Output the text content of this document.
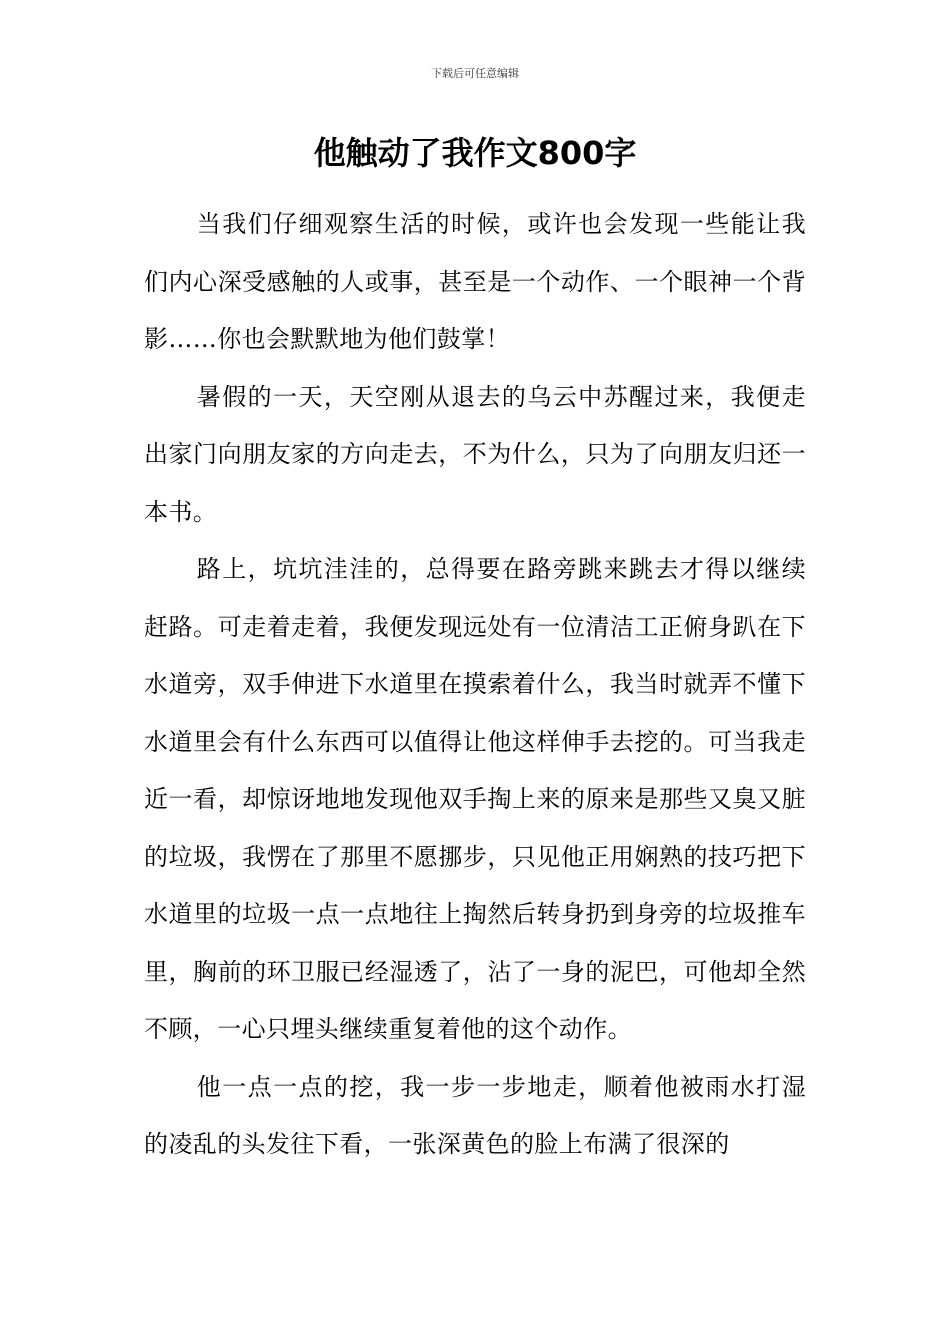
下载后可任意编辑
他触动了我作文800字

当我们仔细观察生活的时候，或许也会发现一些能让我们内心深受感触的人或事，甚至是一个动作、一个眼神一个背影……你也会默默地为他们鼓掌！

暑假的一天，天空刚从退去的乌云中苏醒过来，我便走出家门向朋友家的方向走去，不为什么，只为了向朋友归还一本书。

路上，坑坑洼洼的，总得要在路旁跳来跳去才得以继续赶路。可走着走着，我便发现远处有一位清洁工正俯身趴在下水道旁，双手伸进下水道里在摸索着什么，我当时就弄不懂下水道里会有什么东西可以值得让他这样伸手去挖的。可当我走近一看，却惊讶地地发现他双手掏上来的原来是那些又臭又脏的垃圾，我愣在了那里不愿挪步，只见他正用娴熟的技巧把下水道里的垃圾一点一点地往上掏然后转身扔到身旁的垃圾推车里，胸前的环卫服已经湿透了，沾了一身的泥巴，可他却全然不顾，一心只埋头继续重复着他的这个动作。

他一点一点的挖，我一步一步地走，顺着他被雨水打湿的凌乱的头发往下看，一张深黄色的脸上布满了很深的
